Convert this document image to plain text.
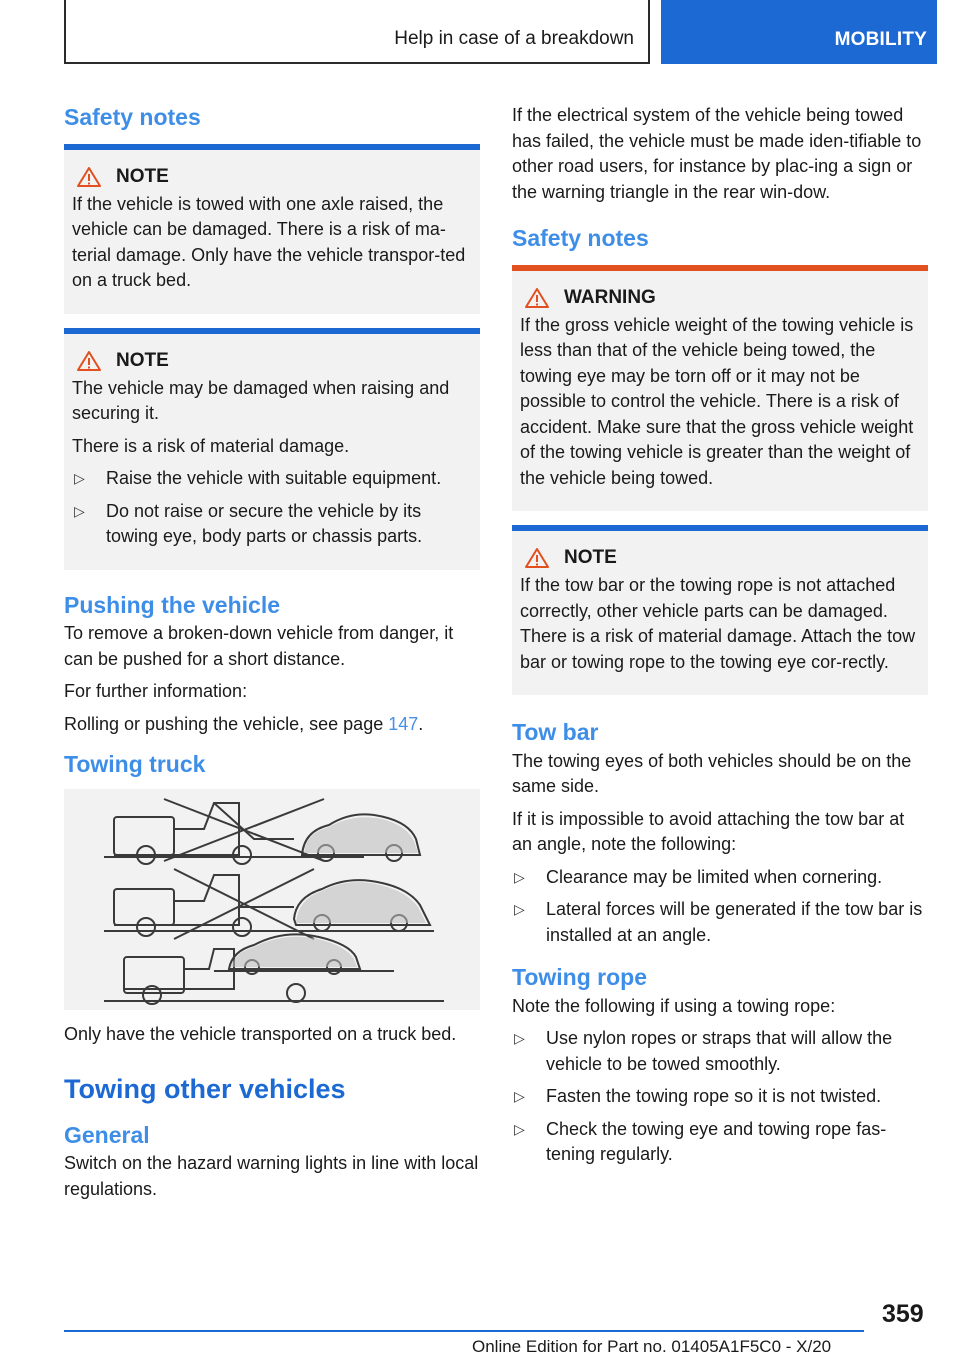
Help in case of a breakdown	MOBILITY
Safety notes
NOTE

If the vehicle is towed with one axle raised, the vehicle can be damaged. There is a risk of ma-terial damage. Only have the vehicle transpor-ted on a truck bed.

NOTE

The vehicle may be damaged when raising and securing it.

There is a risk of material damage.

▷ Raise the vehicle with suitable equipment.
▷ Do not raise or secure the vehicle by its towing eye, body parts or chassis parts.
Pushing the vehicle

To remove a broken-down vehicle from danger, it can be pushed for a short distance.

For further information:

Rolling or pushing the vehicle, see page 147.

Towing truck

Only have the vehicle transported on a truck bed.

Towing other vehicles
General

Switch on the hazard warning lights in line with local regulations.

If the electrical system of the vehicle being towed has failed, the vehicle must be made iden-tifiable to other road users, for instance by plac-ing a sign or the warning triangle in the rear win-dow.

Safety notes
WARNING

If the gross vehicle weight of the towing vehicle is less than that of the vehicle being towed, the towing eye may be torn off or it may not be possible to control the vehicle. There is a risk of accident. Make sure that the gross vehicle weight of the towing vehicle is greater than the weight of the vehicle being towed.

NOTE

If the tow bar or the towing rope is not attached correctly, other vehicle parts can be damaged. There is a risk of material damage. Attach the tow bar or towing rope to the towing eye cor-rectly.

Tow bar

The towing eyes of both vehicles should be on the same side.

If it is impossible to avoid attaching the tow bar at an angle, note the following:

▷ Clearance may be limited when cornering.
▷ Lateral forces will be generated if the tow bar is installed at an angle.
Towing rope

Note the following if using a towing rope:

▷ Use nylon ropes or straps that will allow the vehicle to be towed smoothly.
▷ Fasten the towing rope so it is not twisted.
▷ Check the towing eye and towing rope fas-tening regularly.
359
Online Edition for Part no. 01405A1F5C0 - X/20
